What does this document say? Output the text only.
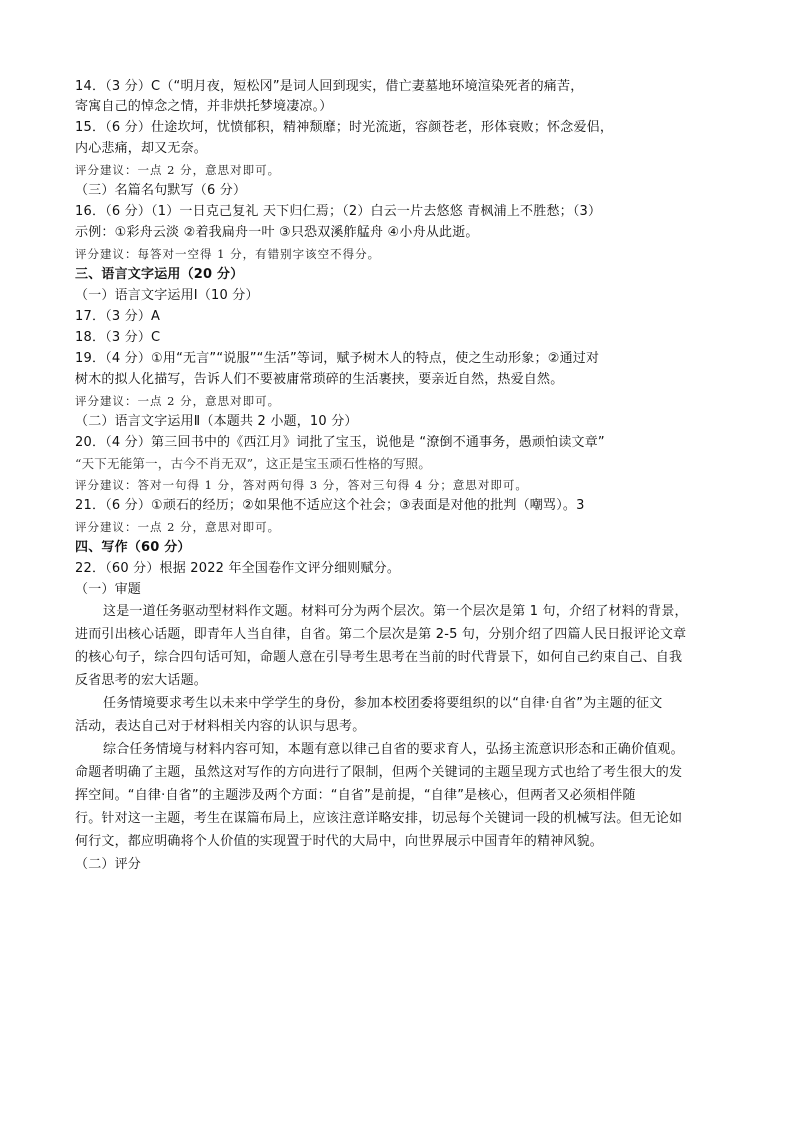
14．（3 分）C（“明月夜，短松冈”是词人回到现实，借亡妻墓地环境渲染死者的痛苦，
寄寓自己的悼念之情，并非烘托梦境凄凉。）
15．（6 分）仕途坎坷，忧愤郁积，精神颓靡；时光流逝，容颜苍老，形体衰败；怀念爱侣，
内心悲痛，却又无奈。
评分建议：一点 2 分，意思对即可。
（三）名篇名句默写（6 分）
16．（6 分）（1）一日克己复礼 天下归仁焉；（2）白云一片去悠悠 青枫浦上不胜愁；（3）
示例：①彩舟云淡 ②着我扁舟一叶 ③只恐双溪舴艋舟 ④小舟从此逝。
评分建议：每答对一空得 1 分，有错别字该空不得分。
三、语言文字运用（20 分）
（一）语言文字运用Ⅰ（10 分）
17．（3 分）A
18．（3 分）C
19．（4 分）①用“无言”“说服”“生活”等词，赋予树木人的特点，使之生动形象；②通过对
树木的拟人化描写，告诉人们不要被庸常琐碎的生活裹挟，要亲近自然，热爱自然。
评分建议：一点 2 分，意思对即可。
（二）语言文字运用Ⅱ（本题共 2 小题，10 分）
20．（4 分）第三回书中的《西江月》词批了宝玉，说他是 “潦倒不通事务，愚顽怕读文章”
“天下无能第一，古今不肖无双”，这正是宝玉顽石性格的写照。
评分建议：答对一句得 1 分，答对两句得 3 分，答对三句得 4 分；意思对即可。
21．（6 分）①顽石的经历；②如果他不适应这个社会；③表面是对他的批判（嘲骂）。3
评分建议：一点 2 分，意思对即可。
四、写作（60 分）
22．（60 分）根据 2022 年全国卷作文评分细则赋分。
（一）审题
这是一道任务驱动型材料作文题。材料可分为两个层次。第一个层次是第 1 句，介绍了材料的背景，
进而引出核心话题，即青年人当自律，自省。第二个层次是第 2-5 句，分别介绍了四篇人民日报评论文章
的核心句子，综合四句话可知，命题人意在引导考生思考在当前的时代背景下，如何自己约束自己、自我
反省思考的宏大话题。
任务情境要求考生以未来中学学生的身份，参加本校团委将要组织的以“自律·自省”为主题的征文
活动，表达自己对于材料相关内容的认识与思考。
综合任务情境与材料内容可知，本题有意以律己自省的要求育人，弘扬主流意识形态和正确价值观。
命题者明确了主题，虽然这对写作的方向进行了限制，但两个关键词的主题呈现方式也给了考生很大的发
挥空间。“自律·自省”的主题涉及两个方面：“自省”是前提，“自律”是核心，但两者又必须相伴随
行。针对这一主题，考生在谋篇布局上，应该注意详略安排，切忌每个关键词一段的机械写法。但无论如
何行文，都应明确将个人价值的实现置于时代的大局中，向世界展示中国青年的精神风貌。
（二）评分
